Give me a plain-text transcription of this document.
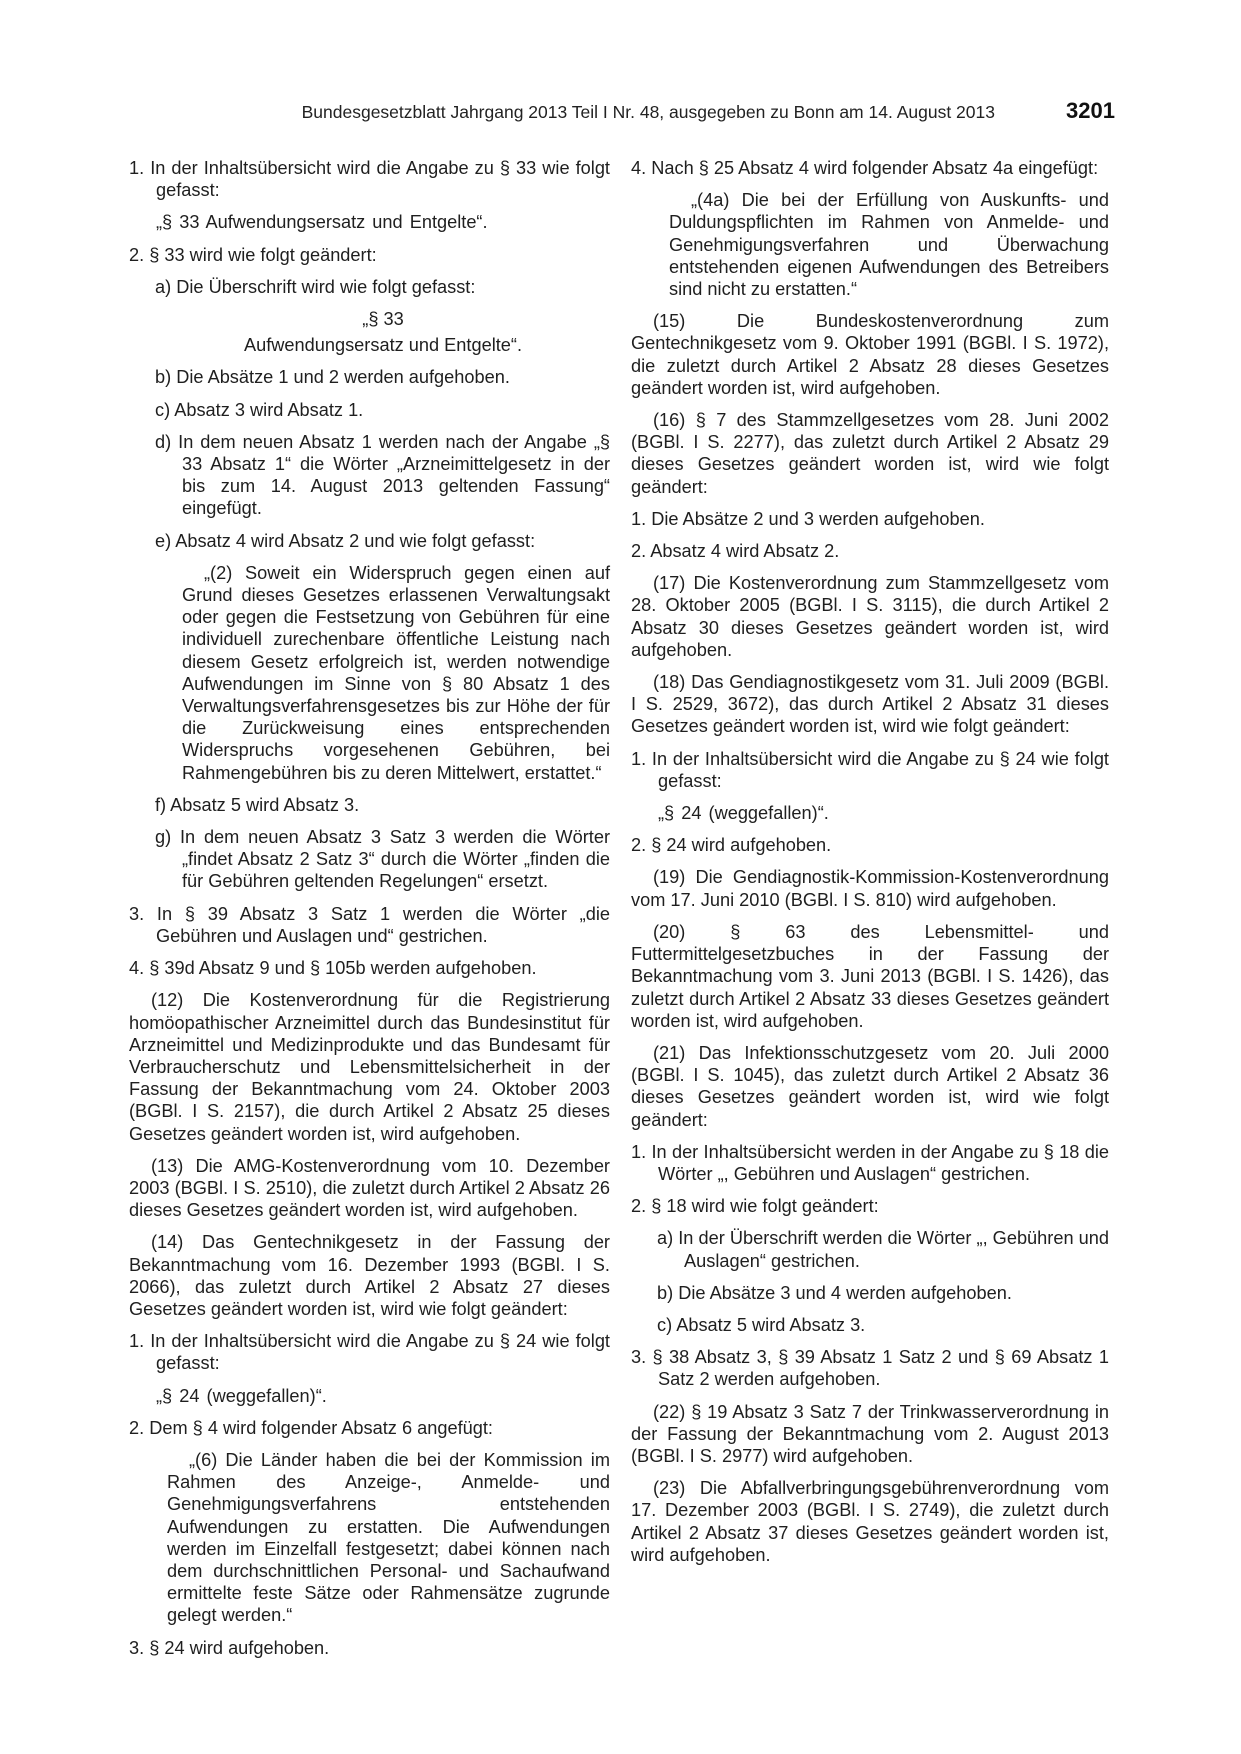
Bundesgesetzblatt Jahrgang 2013 Teil I Nr. 48, ausgegeben zu Bonn am 14. August 2013	3201
1. In der Inhaltsübersicht wird die Angabe zu § 33 wie folgt gefasst:
„§ 33 Aufwendungsersatz und Entgelte“.
2. § 33 wird wie folgt geändert:
a) Die Überschrift wird wie folgt gefasst:
„§ 33
Aufwendungsersatz und Entgelte“.
b) Die Absätze 1 und 2 werden aufgehoben.
c) Absatz 3 wird Absatz 1.
d) In dem neuen Absatz 1 werden nach der Angabe „§ 33 Absatz 1“ die Wörter „Arzneimittelgesetz in der bis zum 14. August 2013 geltenden Fassung“ eingefügt.
e) Absatz 4 wird Absatz 2 und wie folgt gefasst:
„(2) Soweit ein Widerspruch gegen einen auf Grund dieses Gesetzes erlassenen Verwaltungsakt oder gegen die Festsetzung von Gebühren für eine individuell zurechenbare öffentliche Leistung nach diesem Gesetz erfolgreich ist, werden notwendige Aufwendungen im Sinne von § 80 Absatz 1 des Verwaltungsverfahrensgesetzes bis zur Höhe der für die Zurückweisung eines entsprechenden Widerspruchs vorgesehenen Gebühren, bei Rahmengebühren bis zu deren Mittelwert, erstattet.“
f) Absatz 5 wird Absatz 3.
g) In dem neuen Absatz 3 Satz 3 werden die Wörter „findet Absatz 2 Satz 3“ durch die Wörter „finden die für Gebühren geltenden Regelungen“ ersetzt.
3. In § 39 Absatz 3 Satz 1 werden die Wörter „die Gebühren und Auslagen und“ gestrichen.
4. § 39d Absatz 9 und § 105b werden aufgehoben.
(12) Die Kostenverordnung für die Registrierung homöopathischer Arzneimittel durch das Bundesinstitut für Arzneimittel und Medizinprodukte und das Bundesamt für Verbraucherschutz und Lebensmittelsicherheit in der Fassung der Bekanntmachung vom 24. Oktober 2003 (BGBl. I S. 2157), die durch Artikel 2 Absatz 25 dieses Gesetzes geändert worden ist, wird aufgehoben.
(13) Die AMG-Kostenverordnung vom 10. Dezember 2003 (BGBl. I S. 2510), die zuletzt durch Artikel 2 Absatz 26 dieses Gesetzes geändert worden ist, wird aufgehoben.
(14) Das Gentechnikgesetz in der Fassung der Bekanntmachung vom 16. Dezember 1993 (BGBl. I S. 2066), das zuletzt durch Artikel 2 Absatz 27 dieses Gesetzes geändert worden ist, wird wie folgt geändert:
1. In der Inhaltsübersicht wird die Angabe zu § 24 wie folgt gefasst:
„§ 24 (weggefallen)“.
2. Dem § 4 wird folgender Absatz 6 angefügt:
„(6) Die Länder haben die bei der Kommission im Rahmen des Anzeige-, Anmelde- und Genehmigungsverfahrens entstehenden Aufwendungen zu erstatten. Die Aufwendungen werden im Einzelfall festgesetzt; dabei können nach dem durchschnittlichen Personal- und Sachaufwand ermittelte feste Sätze oder Rahmensätze zugrunde gelegt werden.“
3. § 24 wird aufgehoben.
4. Nach § 25 Absatz 4 wird folgender Absatz 4a eingefügt:
„(4a) Die bei der Erfüllung von Auskunfts- und Duldungspflichten im Rahmen von Anmelde- und Genehmigungsverfahren und Überwachung entstehenden eigenen Aufwendungen des Betreibers sind nicht zu erstatten.“
(15) Die Bundeskostenverordnung zum Gentechnikgesetz vom 9. Oktober 1991 (BGBl. I S. 1972), die zuletzt durch Artikel 2 Absatz 28 dieses Gesetzes geändert worden ist, wird aufgehoben.
(16) § 7 des Stammzellgesetzes vom 28. Juni 2002 (BGBl. I S. 2277), das zuletzt durch Artikel 2 Absatz 29 dieses Gesetzes geändert worden ist, wird wie folgt geändert:
1. Die Absätze 2 und 3 werden aufgehoben.
2. Absatz 4 wird Absatz 2.
(17) Die Kostenverordnung zum Stammzellgesetz vom 28. Oktober 2005 (BGBl. I S. 3115), die durch Artikel 2 Absatz 30 dieses Gesetzes geändert worden ist, wird aufgehoben.
(18) Das Gendiagnostikgesetz vom 31. Juli 2009 (BGBl. I S. 2529, 3672), das durch Artikel 2 Absatz 31 dieses Gesetzes geändert worden ist, wird wie folgt geändert:
1. In der Inhaltsübersicht wird die Angabe zu § 24 wie folgt gefasst:
„§ 24 (weggefallen)“.
2. § 24 wird aufgehoben.
(19) Die Gendiagnostik-Kommission-Kostenverordnung vom 17. Juni 2010 (BGBl. I S. 810) wird aufgehoben.
(20) § 63 des Lebensmittel- und Futtermittelgesetzbuches in der Fassung der Bekanntmachung vom 3. Juni 2013 (BGBl. I S. 1426), das zuletzt durch Artikel 2 Absatz 33 dieses Gesetzes geändert worden ist, wird aufgehoben.
(21) Das Infektionsschutzgesetz vom 20. Juli 2000 (BGBl. I S. 1045), das zuletzt durch Artikel 2 Absatz 36 dieses Gesetzes geändert worden ist, wird wie folgt geändert:
1. In der Inhaltsübersicht werden in der Angabe zu § 18 die Wörter „, Gebühren und Auslagen“ gestrichen.
2. § 18 wird wie folgt geändert:
a) In der Überschrift werden die Wörter „, Gebühren und Auslagen“ gestrichen.
b) Die Absätze 3 und 4 werden aufgehoben.
c) Absatz 5 wird Absatz 3.
3. § 38 Absatz 3, § 39 Absatz 1 Satz 2 und § 69 Absatz 1 Satz 2 werden aufgehoben.
(22) § 19 Absatz 3 Satz 7 der Trinkwasserverordnung in der Fassung der Bekanntmachung vom 2. August 2013 (BGBl. I S. 2977) wird aufgehoben.
(23) Die Abfallverbringungsgebührenverordnung vom 17. Dezember 2003 (BGBl. I S. 2749), die zuletzt durch Artikel 2 Absatz 37 dieses Gesetzes geändert worden ist, wird aufgehoben.
